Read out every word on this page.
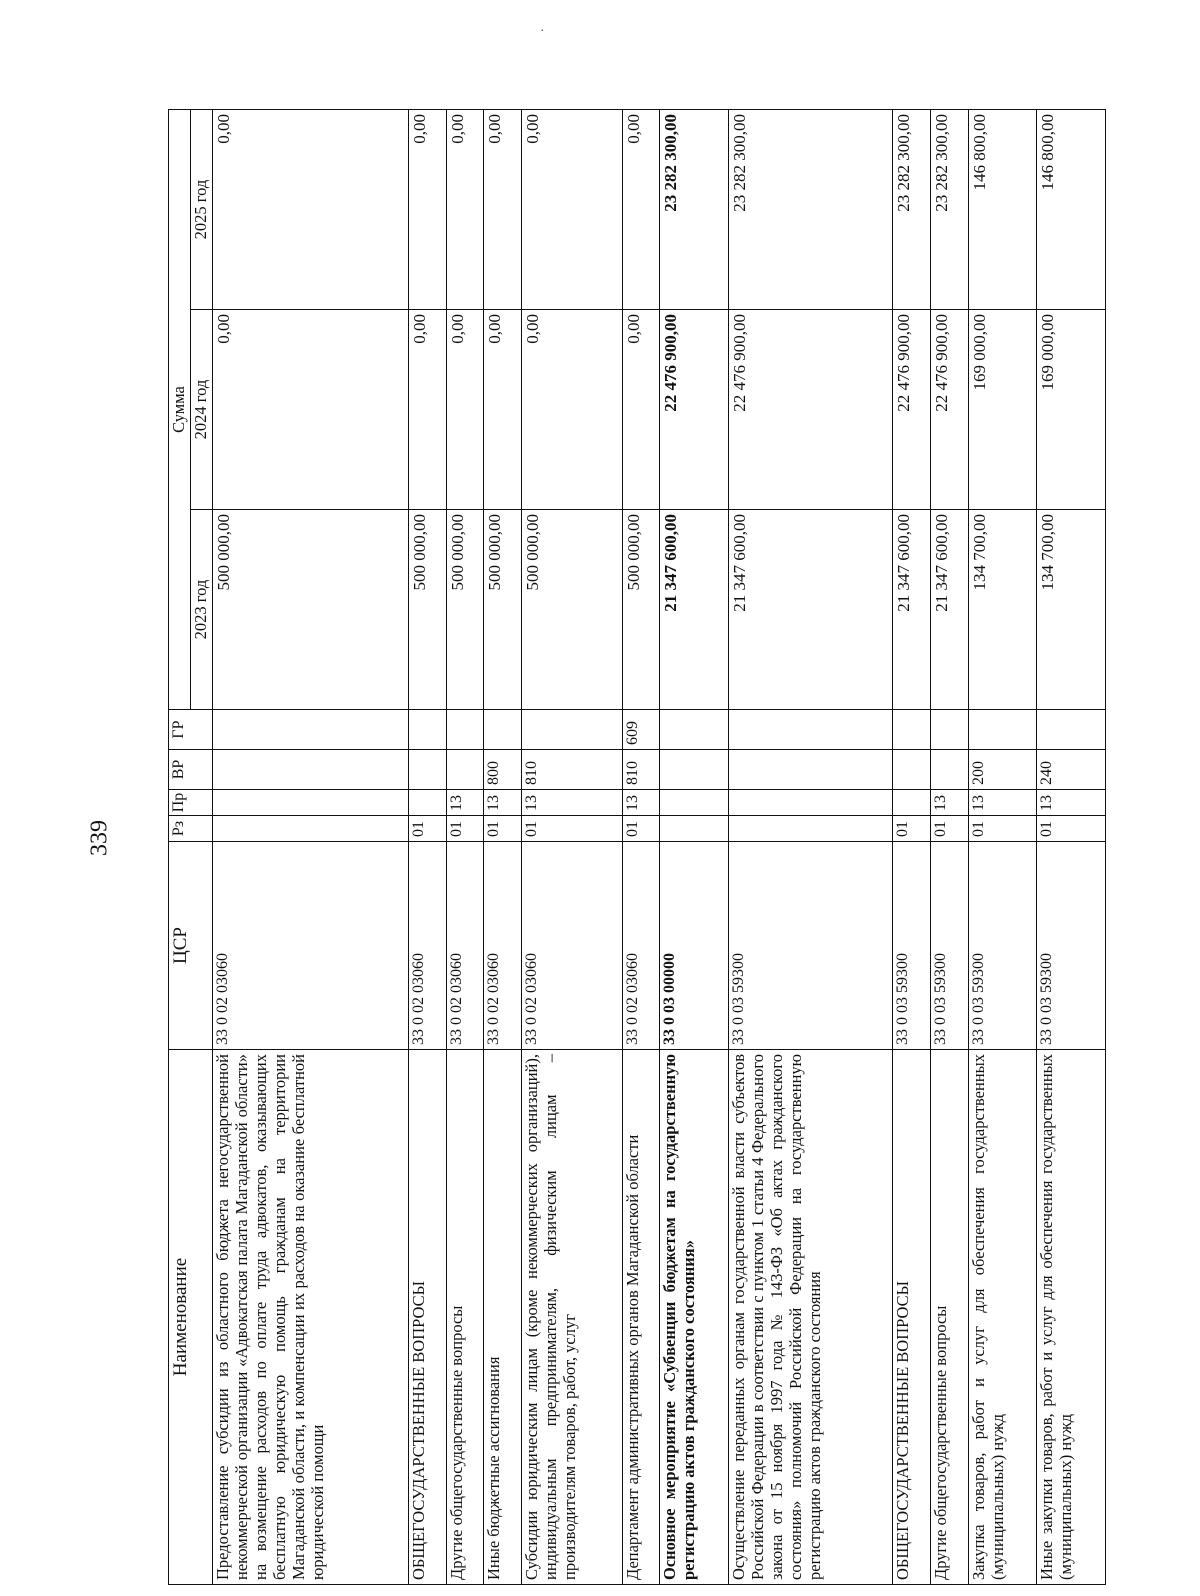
339
·
Наименование	ЦСР	Рз	Пр	ВР	ГР	Сумма		
						2023 год	2024 год	2025 год
Предоставление субсидии из областного бюджета негосударственной некоммерческой организации «Адвокатская палата Магаданской области» на возмещение расходов по оплате труда адвокатов, оказывающих бесплатную юридическую помощь гражданам на территории Магаданской области, и компенсации их расходов на оказание бесплатной юридической помощи	33 0 02 03060					500 000,00	0,00	0,00
ОБЩЕГОСУДАРСТВЕННЫЕ ВОПРОСЫ	33 0 02 03060	01				500 000,00	0,00	0,00
Другие общегосударственные вопросы	33 0 02 03060	01	13			500 000,00	0,00	0,00
Иные бюджетные ассигнования	33 0 02 03060	01	13	800		500 000,00	0,00	0,00
Субсидии юридическим лицам (кроме некоммерческих организаций), индивидуальным предпринимателям, физическим лицам – производителям товаров, работ, услуг	33 0 02 03060	01	13	810		500 000,00	0,00	0,00
Департамент административных органов Магаданской области	33 0 02 03060	01	13	810	609	500 000,00	0,00	0,00
Основное мероприятие «Субвенции бюджетам на государственную регистрацию актов гражданского состояния»	33 0 03 00000					21 347 600,00	22 476 900,00	23 282 300,00
Осуществление переданных органам государственной власти субъектов Российской Федерации в соответствии с пунктом 1 статьи 4 Федерального закона от 15 ноября 1997 года № 143-ФЗ «Об актах гражданского состояния» полномочий Российской Федерации на государственную регистрацию актов гражданского состояния	33 0 03 59300					21 347 600,00	22 476 900,00	23 282 300,00
ОБЩЕГОСУДАРСТВЕННЫЕ ВОПРОСЫ	33 0 03 59300	01				21 347 600,00	22 476 900,00	23 282 300,00
Другие общегосударственные вопросы	33 0 03 59300	01	13			21 347 600,00	22 476 900,00	23 282 300,00
Закупка товаров, работ и услуг для обеспечения государственных (муниципальных) нужд	33 0 03 59300	01	13	200		134 700,00	169 000,00	146 800,00
Иные закупки товаров, работ и услуг для обеспечения государственных (муниципальных) нужд	33 0 03 59300	01	13	240		134 700,00	169 000,00	146 800,00
